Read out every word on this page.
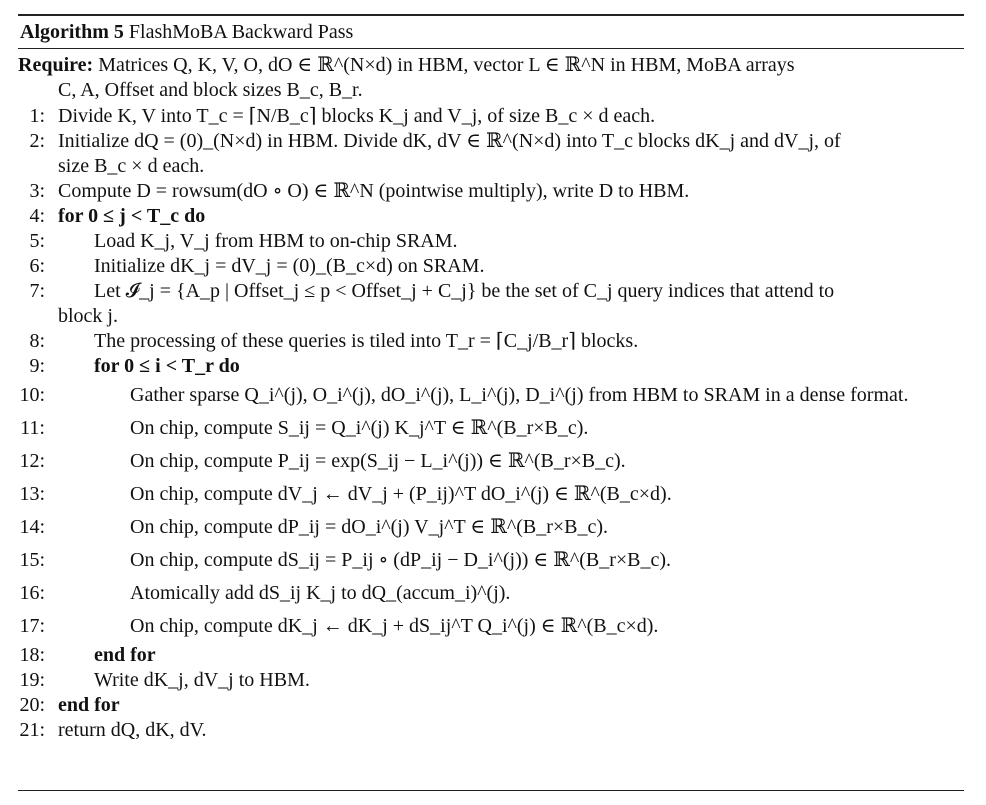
Algorithm 5 FlashMoBA Backward Pass
Require: Matrices Q, K, V, O, dO ∈ ℝ^(N×d) in HBM, vector L ∈ ℝ^N in HBM, MoBA arrays
C, A, Offset and block sizes B_c, B_r.
1: Divide K, V into T_c = ⌈N/B_c⌉ blocks K_j and V_j, of size B_c × d each.
2: Initialize dQ = (0)_(N×d) in HBM. Divide dK, dV ∈ ℝ^(N×d) into T_c blocks dK_j and dV_j, of
size B_c × d each.
3: Compute D = rowsum(dO ∘ O) ∈ ℝ^N (pointwise multiply), write D to HBM.
4: for 0 ≤ j < T_c do
5: Load K_j, V_j from HBM to on-chip SRAM.
6: Initialize dK_j = dV_j = (0)_(B_c×d) on SRAM.
7: Let 𝓘_j = {A_p | Offset_j ≤ p < Offset_j + C_j} be the set of C_j query indices that attend to
block j.
8: The processing of these queries is tiled into T_r = ⌈C_j/B_r⌉ blocks.
9: for 0 ≤ i < T_r do
10:	Gather sparse Q_i^(j), O_i^(j), dO_i^(j), L_i^(j), D_i^(j) from HBM to SRAM in a dense format.
11:	On chip, compute S_ij = Q_i^(j) K_j^T ∈ ℝ^(B_r×B_c).
12:	On chip, compute P_ij = exp(S_ij − L_i^(j)) ∈ ℝ^(B_r×B_c).
13:	On chip, compute dV_j ← dV_j + (P_ij)^T dO_i^(j) ∈ ℝ^(B_c×d).
14:	On chip, compute dP_ij = dO_i^(j) V_j^T ∈ ℝ^(B_r×B_c).
15:	On chip, compute dS_ij = P_ij ∘ (dP_ij − D_i^(j)) ∈ ℝ^(B_r×B_c).
16:	Atomically add dS_ij K_j to dQ_(accum_i)^(j).
17:	On chip, compute dK_j ← dK_j + dS_ij^T Q_i^(j) ∈ ℝ^(B_c×d).
18: end for
19: Write dK_j, dV_j to HBM.
20: end for
21: return dQ, dK, dV.
